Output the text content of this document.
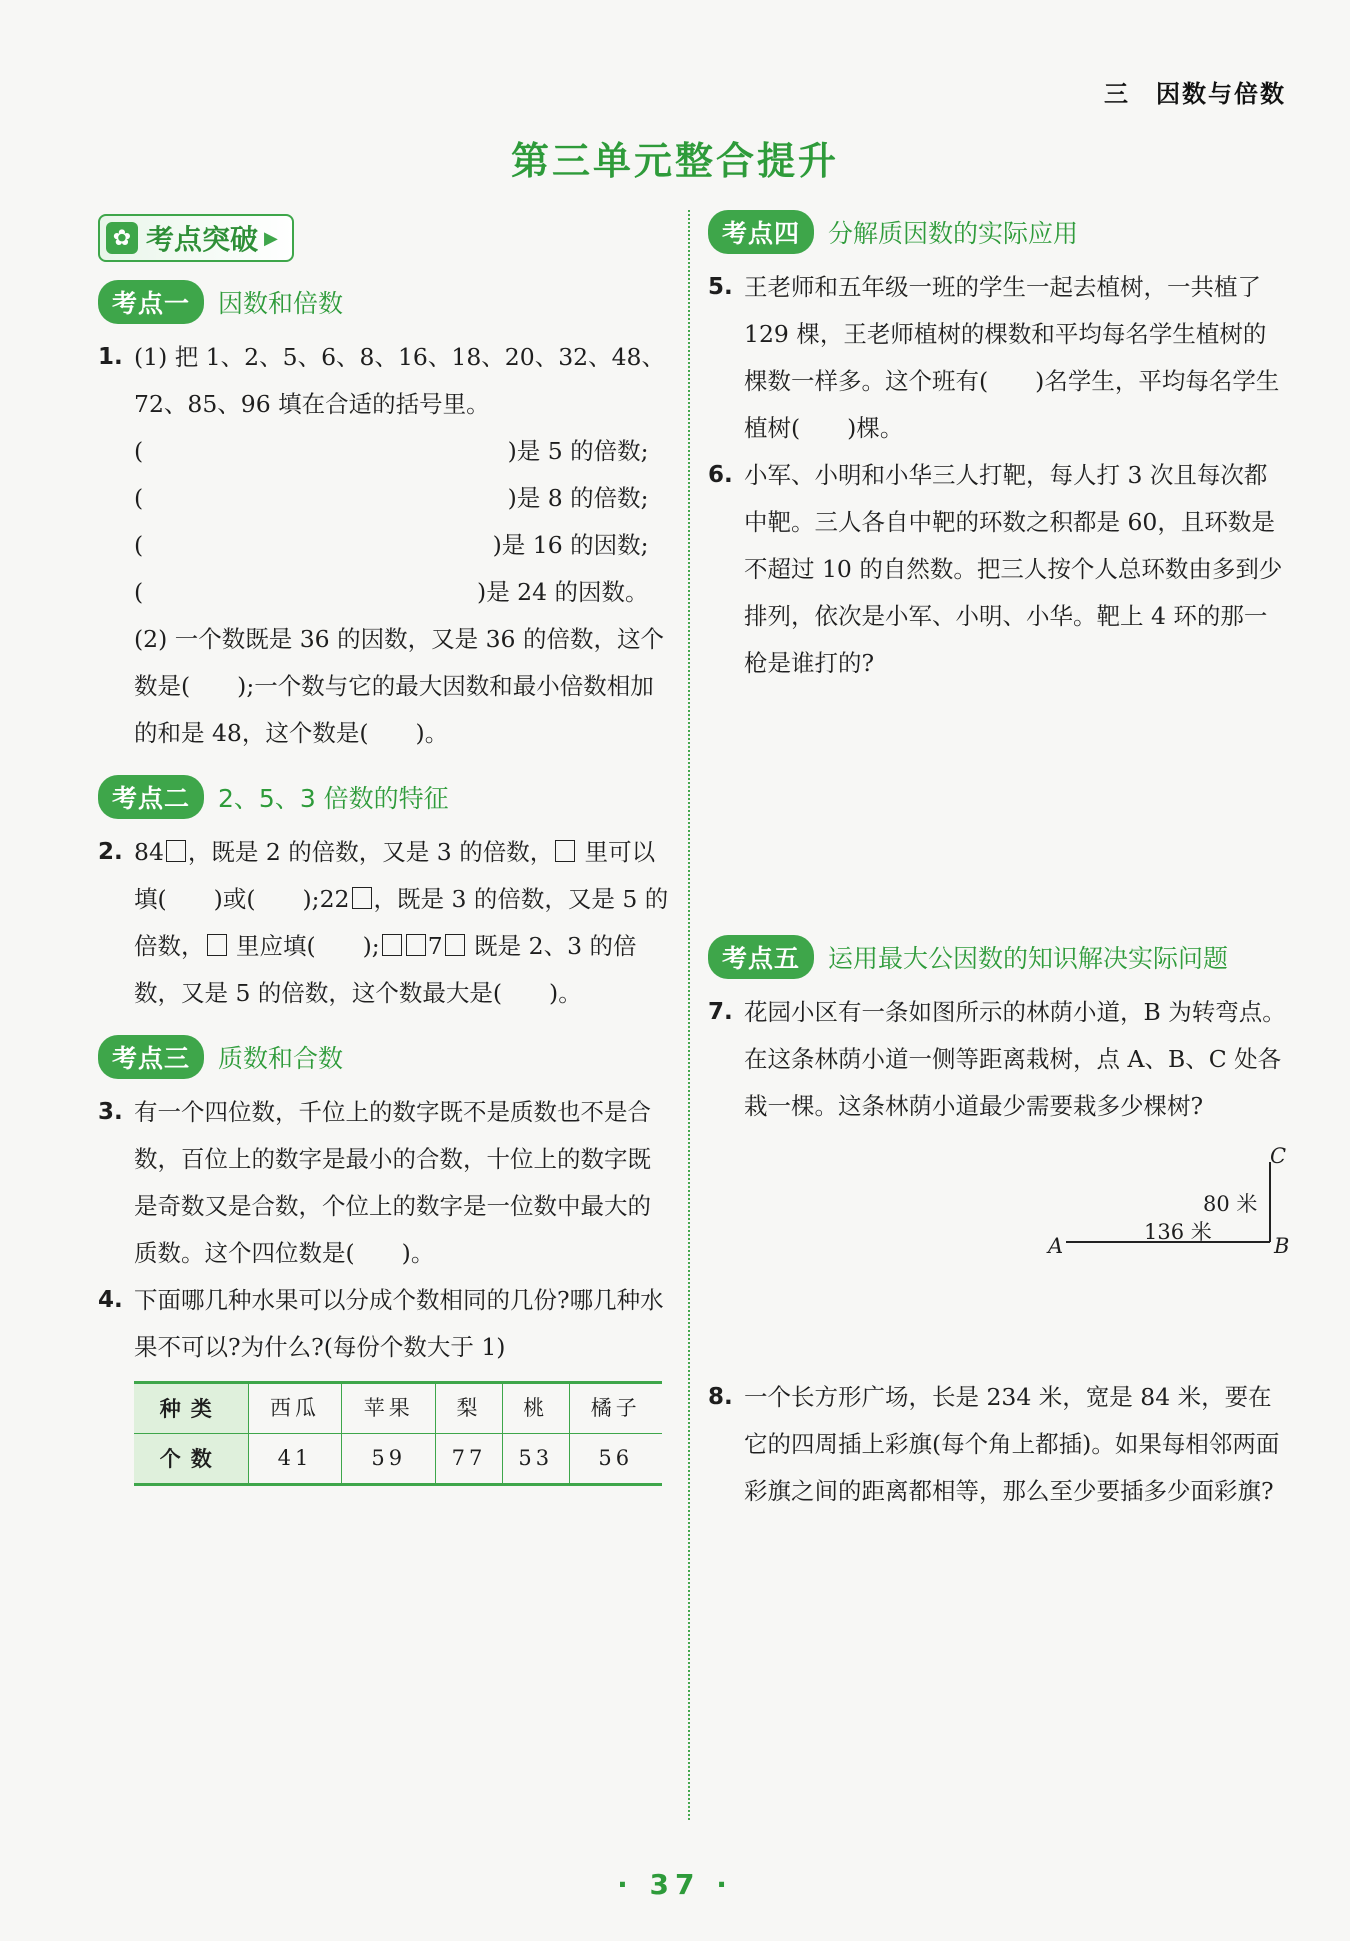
三　因数与倍数
第三单元整合提升
✿ 考点突破 ▶
考点一	因数和倍数
1. (1) 把 1、2、5、6、8、16、18、20、32、48、72、85、96 填在合适的括号里。

(	)是 5 的倍数;
(	)是 8 的倍数;
(	)是 16 的因数;
(	)是 24 的因数。

(2) 一个数既是 36 的因数，又是 36 的倍数，这个数是(　　);一个数与它的最大因数和最小倍数相加的和是 48，这个数是(　　)。

考点二	2、5、3 倍数的特征
2. 84 ，既是 2 的倍数，又是 3 的倍数， 里可以填(　　)或(　　);22 ，既是 3 的倍数，又是 5 的倍数， 里应填(　　); 7 既是 2、3 的倍数，又是 5 的倍数，这个数最大是(　　)。

考点三	质数和合数
3. 有一个四位数，千位上的数字既不是质数也不是合数，百位上的数字是最小的合数，十位上的数字既是奇数又是合数，个位上的数字是一位数中最大的质数。这个四位数是(　　)。

4. 下面哪几种水果可以分成个数相同的几份?哪几种水果不可以?为什么?(每份个数大于 1)

种类	西瓜	苹果	梨	桃	橘子
个数	41	59	77	53	56
考点四	分解质因数的实际应用
5. 王老师和五年级一班的学生一起去植树，一共植了 129 棵，王老师植树的棵数和平均每名学生植树的棵数一样多。这个班有(　　)名学生，平均每名学生植树(　　)棵。

6. 小军、小明和小华三人打靶，每人打 3 次且每次都中靶。三人各自中靶的环数之积都是 60，且环数是不超过 10 的自然数。把三人按个人总环数由多到少排列，依次是小军、小明、小华。靶上 4 环的那一枪是谁打的?

考点五	运用最大公因数的知识解决实际问题
7. 花园小区有一条如图所示的林荫小道，B 为转弯点。在这条林荫小道一侧等距离栽树，点 A、B、C 处各栽一棵。这条林荫小道最少需要栽多少棵树?

C
80 米
136 米
A	B
8. 一个长方形广场，长是 234 米，宽是 84 米，要在它的四周插上彩旗(每个角上都插)。如果每相邻两面彩旗之间的距离都相等，那么至少要插多少面彩旗?

· 37 ·
